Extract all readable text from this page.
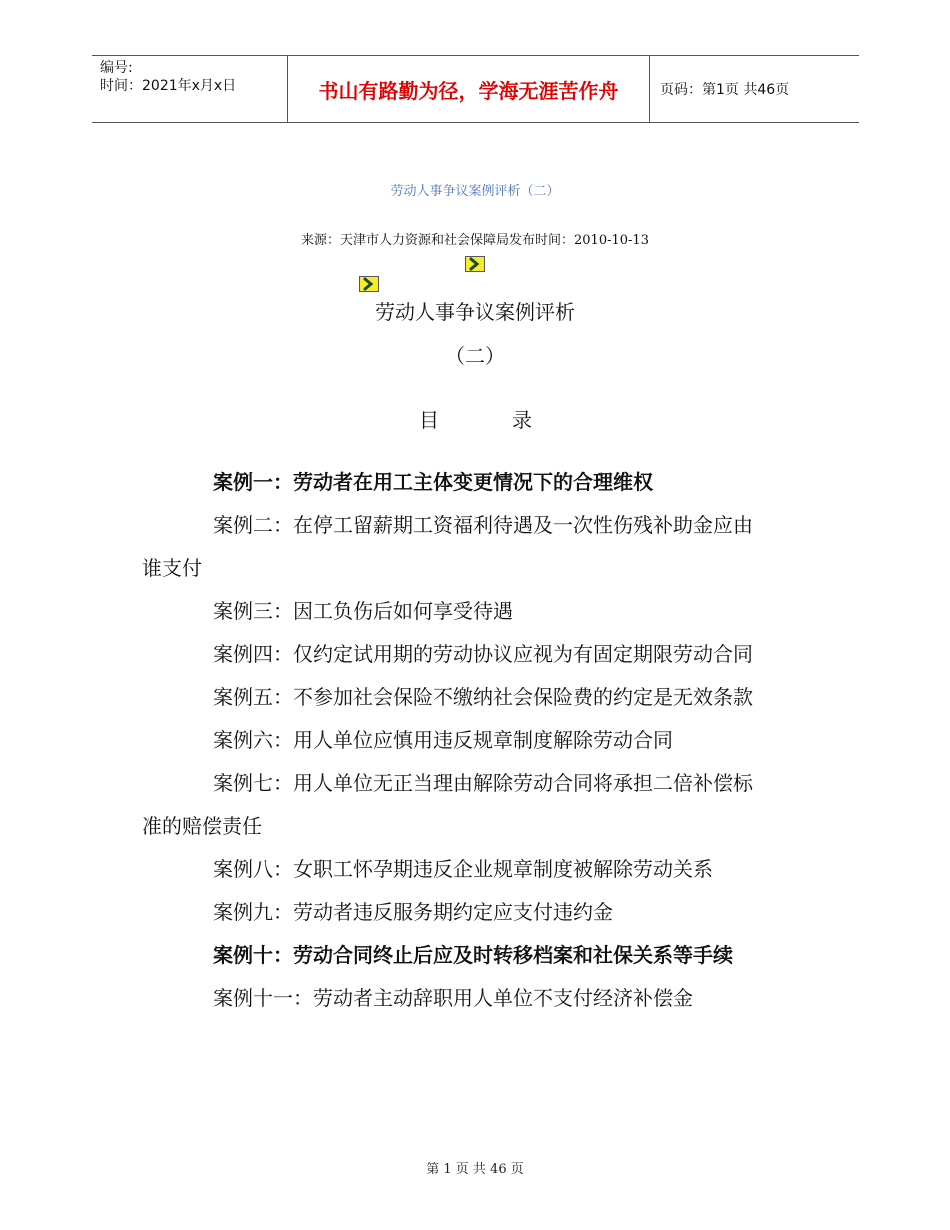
编号:
时间：2021年x月x日	书山有路勤为径，学海无涯苦作舟	页码：第1页 共46页
劳动人事争议案例评析（二）
来源：天津市人力资源和社会保障局发布时间：2010-10-13
劳动人事争议案例评析
（二）
目	录

案例一：劳动者在用工主体变更情况下的合理维权

案例二：在停工留薪期工资福利待遇及一次性伤残补助金应由谁支付

案例三：因工负伤后如何享受待遇

案例四：仅约定试用期的劳动协议应视为有固定期限劳动合同

案例五：不参加社会保险不缴纳社会保险费的约定是无效条款

案例六：用人单位应慎用违反规章制度解除劳动合同

案例七：用人单位无正当理由解除劳动合同将承担二倍补偿标准的赔偿责任

案例八：女职工怀孕期违反企业规章制度被解除劳动关系

案例九：劳动者违反服务期约定应支付违约金

案例十：劳动合同终止后应及时转移档案和社保关系等手续

案例十一：劳动者主动辞职用人单位不支付经济补偿金

第 1 页 共 46 页
